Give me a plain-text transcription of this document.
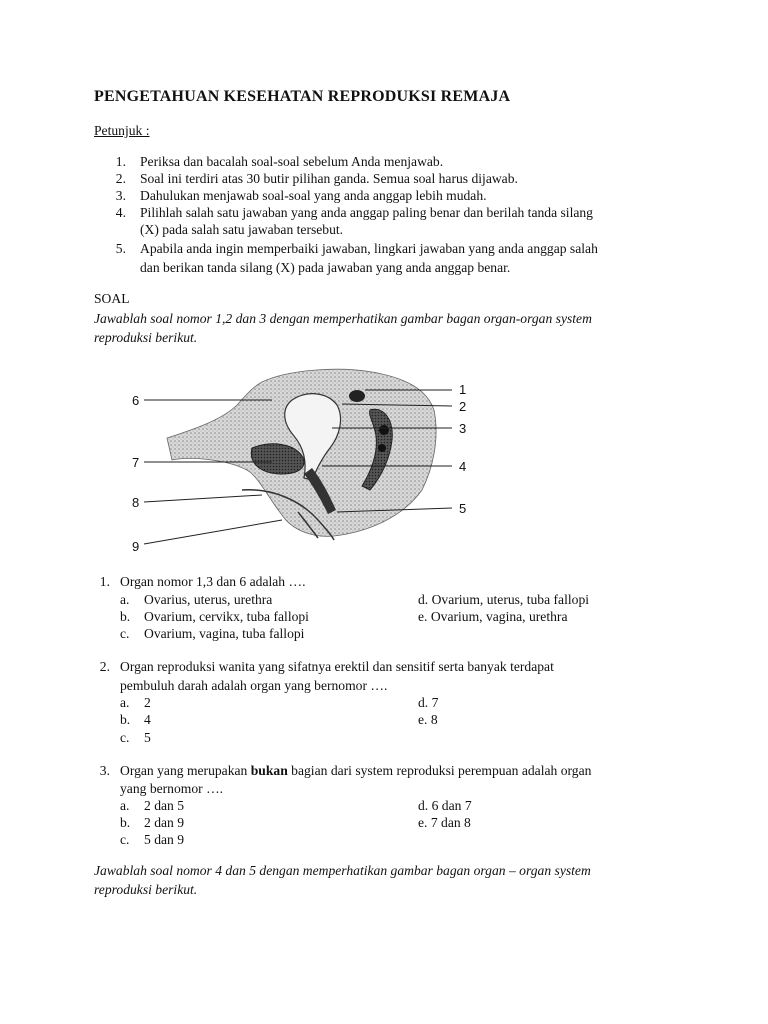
PENGETAHUAN KESEHATAN REPRODUKSI REMAJA
Petunjuk :
1. Periksa dan bacalah soal-soal sebelum Anda menjawab.
2. Soal ini terdiri atas 30 butir pilihan ganda. Semua soal harus dijawab.
3. Dahulukan menjawab soal-soal yang anda anggap lebih mudah.
4. Pilihlah salah satu jawaban yang anda anggap paling benar dan berilah tanda silang
(X) pada salah satu jawaban tersebut.
5. Apabila anda ingin memperbaiki jawaban, lingkari jawaban yang anda anggap salah
dan berikan tanda silang (X) pada jawaban yang anda anggap benar.
SOAL
Jawablah soal nomor 1,2 dan 3 dengan memperhatikan gambar bagan organ-organ system
reproduksi berikut.
6
7
8
9
1
2
3
4
5
1. Organ nomor 1,3 dan 6 adalah ….
a. Ovarius, uterus, urethra
b. Ovarium, cervikx, tuba fallopi
c. Ovarium, vagina, tuba fallopi
d. Ovarium, uterus, tuba fallopi
e. Ovarium, vagina, urethra
2. Organ reproduksi wanita yang sifatnya erektil dan sensitif serta banyak terdapat
pembuluh darah adalah organ yang bernomor ….
a. 2
b. 4
c. 5
d. 7
e. 8
3. Organ yang merupakan bukan bagian dari system reproduksi perempuan adalah organ
yang bernomor ….
a. 2 dan 5
b. 2 dan 9
c. 5 dan 9
d. 6 dan 7
e. 7 dan 8
Jawablah soal nomor 4 dan 5 dengan memperhatikan gambar bagan organ – organ system
reproduksi berikut.
